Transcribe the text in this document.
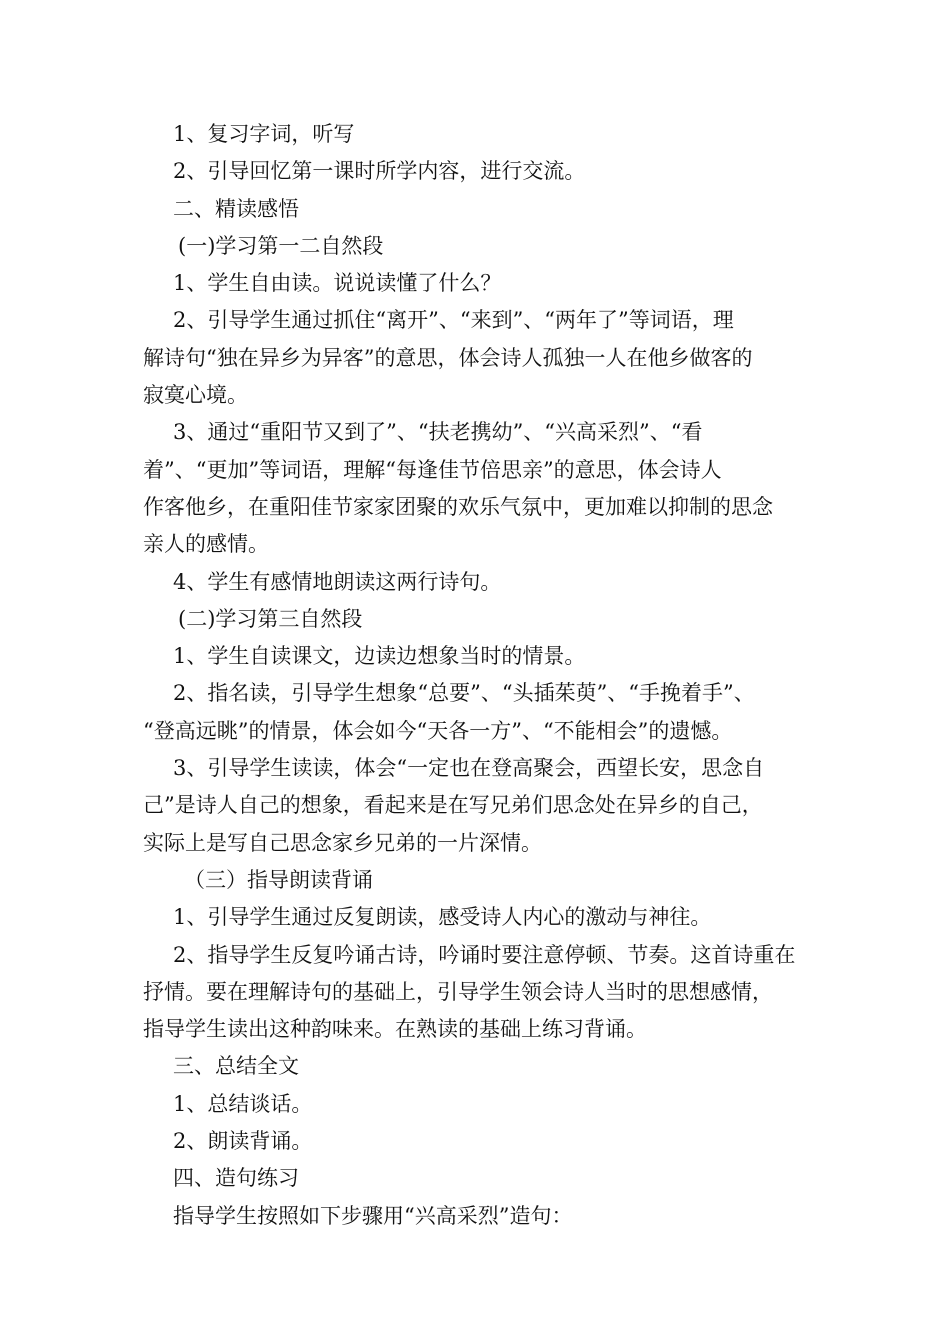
1、复习字词，听写
2、引导回忆第一课时所学内容，进行交流。
二、精读感悟
(一)学习第一二自然段
1、学生自由读。说说读懂了什么？
2、引导学生通过抓住“离开”、“来到”、“两年了”等词语，理
解诗句“独在异乡为异客”的意思，体会诗人孤独一人在他乡做客的
寂寞心境。
3、通过“重阳节又到了”、“扶老携幼”、“兴高采烈”、“看
着”、“更加”等词语，理解“每逢佳节倍思亲”的意思，体会诗人
作客他乡，在重阳佳节家家团聚的欢乐气氛中，更加难以抑制的思念
亲人的感情。
4、学生有感情地朗读这两行诗句。
(二)学习第三自然段
1、学生自读课文，边读边想象当时的情景。
2、指名读，引导学生想象“总要”、“头插茱萸”、“手挽着手”、
“登高远眺”的情景，体会如今“天各一方”、“不能相会”的遗憾。
3、引导学生读读，体会“一定也在登高聚会，西望长安，思念自
己”是诗人自己的想象，看起来是在写兄弟们思念处在异乡的自己，
实际上是写自己思念家乡兄弟的一片深情。
（三）指导朗读背诵
1、引导学生通过反复朗读，感受诗人内心的激动与神往。
2、指导学生反复吟诵古诗，吟诵时要注意停顿、节奏。这首诗重在
抒情。要在理解诗句的基础上，引导学生领会诗人当时的思想感情，
指导学生读出这种韵味来。在熟读的基础上练习背诵。
三、总结全文
1、总结谈话。
2、朗读背诵。
四、造句练习
指导学生按照如下步骤用“兴高采烈”造句：
